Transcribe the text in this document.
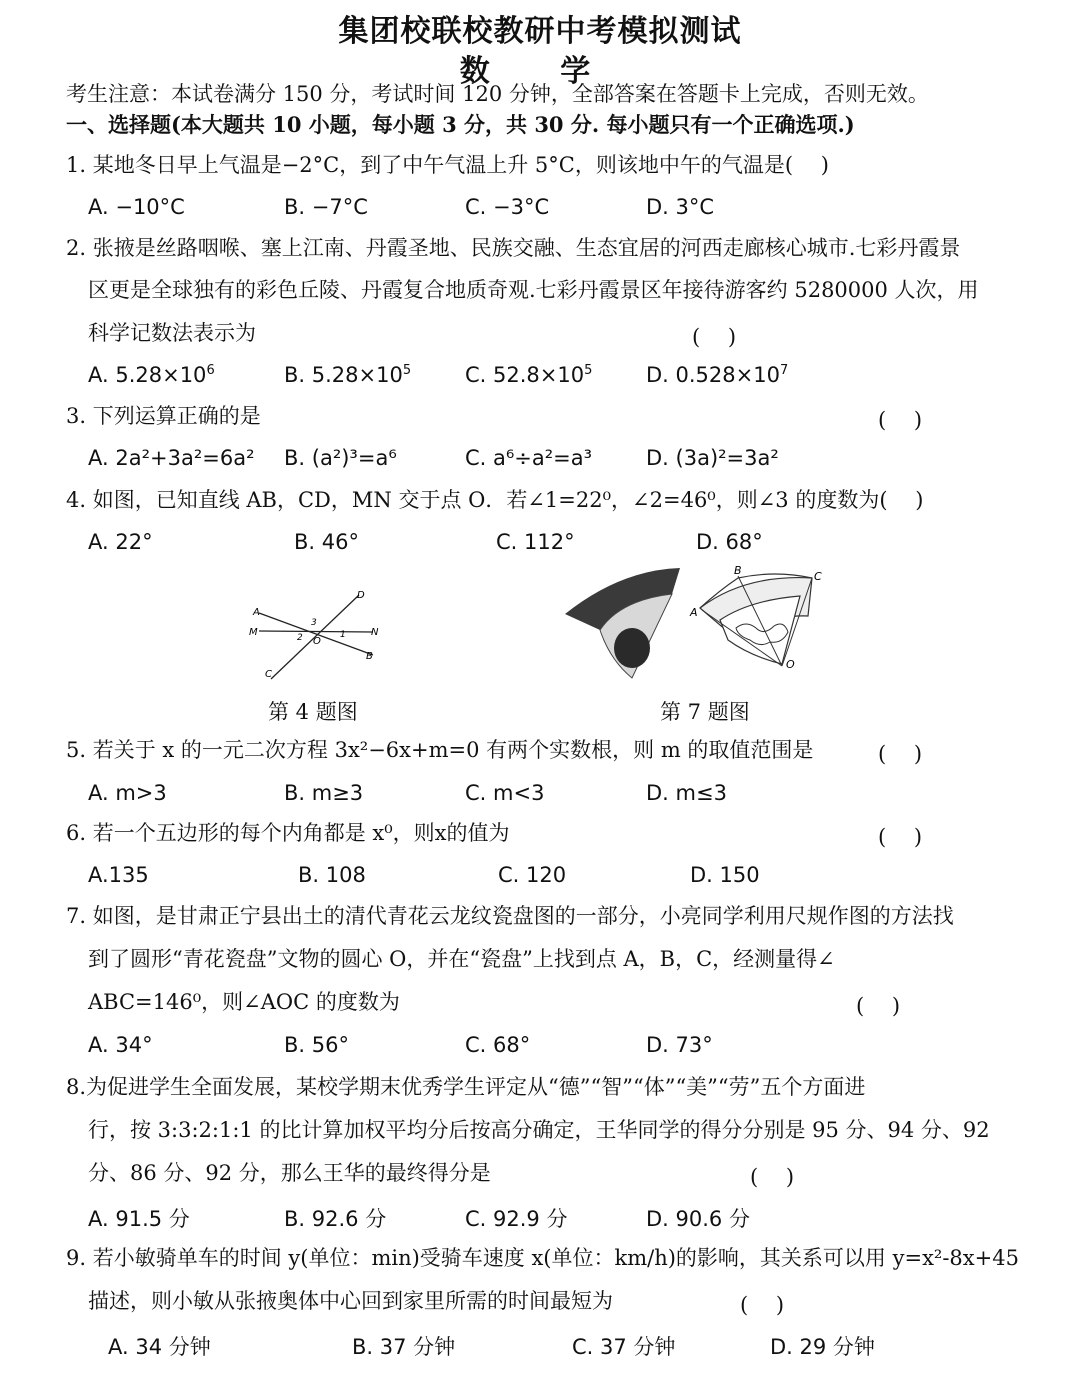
集团校联校教研中考模拟测试
数 学
考生注意：本试卷满分 150 分，考试时间 120 分钟，全部答案在答题卡上完成，否则无效。
一、选择题(本大题共 10 小题，每小题 3 分，共 30 分. 每小题只有一个正确选项.)
1. 某地冬日早上气温是−2°C，到了中午气温上升 5°C，则该地中午的气温是(　 )
A. −10°C	B. −7°C	C. −3°C	D. 3°C
2. 张掖是丝路咽喉、塞上江南、丹霞圣地、民族交融、生态宜居的河西走廊核心城市.七彩丹霞景
区更是全球独有的彩色丘陵、丹霞复合地质奇观.七彩丹霞景区年接待游客约 5280000 人次，用
科学记数法表示为	(　 )
A. $5.28\times 10^6$	B. $5.28\times 10^5$	C. $52.8\times 10^5$	D. $0.528\times 10^7$
3. 下列运算正确的是	(　 )
A. 2a²+3a²=6a² B. (a²)³=a⁶	C. a⁶÷a²=a³	D. (3a)²=3a²
4. 如图，已知直线 AB，CD，MN 交于点 O．若∠1=22⁰，∠2=46⁰，则∠3 的度数为(　 )
A. 22°	B. 46°	C. 112°	D. 68°
D
A
M	N
B
C
O
1
2
3
第 4 题图
B	C
A
O
第 7 题图
5. 若关于 x 的一元二次方程 3x²−6x+m=0 有两个实数根，则 m 的取值范围是	(　 )
A. m>3	B. m≥3	C. m<3	D. m≤3
6. 若一个五边形的每个内角都是 x⁰，则x的值为	(　 )
A.135	B. 108	C. 120	D. 150
7. 如图，是甘肃正宁县出土的清代青花云龙纹瓷盘图的一部分，小亮同学利用尺规作图的方法找
到了圆形“青花瓷盘”文物的圆心 O，并在“瓷盘”上找到点 A，B，C，经测量得∠
ABC=146⁰，则∠AOC 的度数为	(　 )
A. 34°	B. 56°	C. 68°	D. 73°
8.为促进学生全面发展，某校学期末优秀学生评定从“德”“智”“体”“美”“劳”五个方面进
行，按 3:3:2:1:1 的比计算加权平均分后按高分确定，王华同学的得分分别是 95 分、94 分、92
分、86 分、92 分，那么王华的最终得分是	(　 )
A. 91.5 分	B. 92.6 分	C. 92.9 分	D. 90.6 分
9. 若小敏骑单车的时间 y(单位：min)受骑车速度 x(单位：km/h)的影响，其关系可以用 y=x²-8x+45
描述，则小敏从张掖奥体中心回到家里所需的时间最短为	(　 )
A. 34 分钟	B. 37 分钟	C. 37 分钟	D. 29 分钟
